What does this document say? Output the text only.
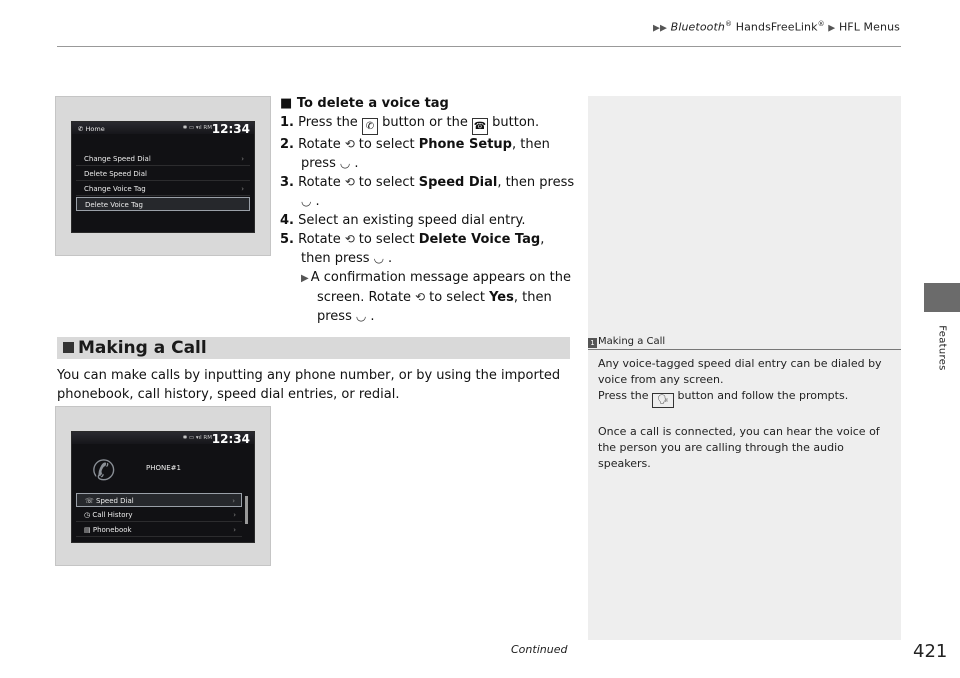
▶▶ Bluetooth® HandsFreeLink® ▶ HFL Menus
Features
✆ Home	✱ ▭ ▾ıl RM 12:34
Change Speed Dial	›
Delete Speed Dial
Change Voice Tag	›
Delete Voice Tag
■ To delete a voice tag
1. Press the ✆ button or the ☎ button.
2. Rotate ⟲ to select Phone Setup, then
press ◡ .
3. Rotate ⟲ to select Speed Dial, then press
◡ .
4. Select an existing speed dial entry.
5. Rotate ⟲ to select Delete Voice Tag,
then press ◡ .
▶ A confirmation message appears on the
screen. Rotate ⟲ to select Yes, then
press ◡ .
Making a Call
You can make calls by inputting any phone number, or by using the imported phonebook, call history, speed dial entries, or redial.
1 Making a Call
Any voice-tagged speed dial entry can be dialed by voice from any screen.

Press the 🗣 button and follow the prompts.

Once a call is connected, you can hear the voice of the person you are calling through the audio speakers.

✱ ▭ ▾ıl RM 12:34
✆	PHONE#1
☏ Speed Dial	›
◷ Call History	›
▤ Phonebook	›
Continued	421
